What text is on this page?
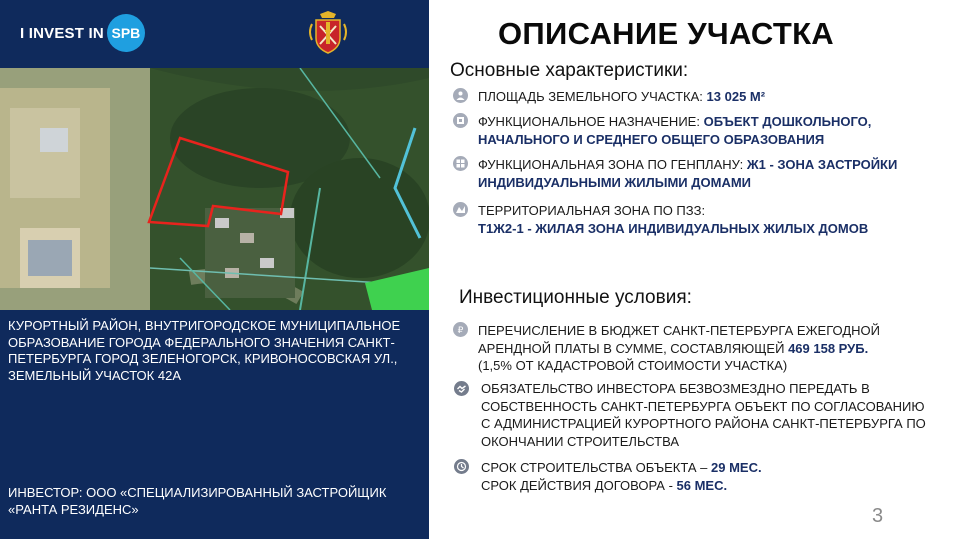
I INVEST IN SPB
КУРОРТНЫЙ РАЙОН, ВНУТРИГОРОДСКОЕ МУНИЦИПАЛЬНОЕ ОБРАЗОВАНИЕ ГОРОДА ФЕДЕРАЛЬНОГО ЗНАЧЕНИЯ САНКТ-ПЕТЕРБУРГА ГОРОД ЗЕЛЕНОГОРСК, КРИВОНОСОВСКАЯ УЛ., ЗЕМЕЛЬНЫЙ УЧАСТОК 42А
ИНВЕСТОР: ООО «СПЕЦИАЛИЗИРОВАННЫЙ ЗАСТРОЙЩИК «РАНТА РЕЗИДЕНС»
ОПИСАНИЕ УЧАСТКА
Основные характеристики:
ПЛОЩАДЬ ЗЕМЕЛЬНОГО УЧАСТКА: 13 025 М²
ФУНКЦИОНАЛЬНОЕ НАЗНАЧЕНИЕ: ОБЪЕКТ ДОШКОЛЬНОГО, НАЧАЛЬНОГО И СРЕДНЕГО ОБЩЕГО ОБРАЗОВАНИЯ
ФУНКЦИОНАЛЬНАЯ ЗОНА ПО ГЕНПЛАНУ: Ж1 - ЗОНА ЗАСТРОЙКИ ИНДИВИДУАЛЬНЫМИ ЖИЛЫМИ ДОМАМИ
ТЕРРИТОРИАЛЬНАЯ ЗОНА ПО ПЗЗ:
Т1Ж2-1 - ЖИЛАЯ ЗОНА ИНДИВИДУАЛЬНЫХ ЖИЛЫХ ДОМОВ
Инвестиционные условия:
₽ ПЕРЕЧИСЛЕНИЕ В БЮДЖЕТ САНКТ-ПЕТЕРБУРГА ЕЖЕГОДНОЙ АРЕНДНОЙ ПЛАТЫ В СУММЕ, СОСТАВЛЯЮЩЕЙ 469 158 РУБ.
(1,5% ОТ КАДАСТРОВОЙ СТОИМОСТИ УЧАСТКА)
ОБЯЗАТЕЛЬСТВО ИНВЕСТОРА БЕЗВОЗМЕЗДНО ПЕРЕДАТЬ В СОБСТВЕННОСТЬ САНКТ-ПЕТЕРБУРГА ОБЪЕКТ ПО СОГЛАСОВАНИЮ С АДМИНИСТРАЦИЕЙ КУРОРТНОГО РАЙОНА САНКТ-ПЕТЕРБУРГА ПО ОКОНЧАНИИ СТРОИТЕЛЬСТВА
СРОК СТРОИТЕЛЬСТВА ОБЪЕКТА – 29 МЕС.
СРОК ДЕЙСТВИЯ ДОГОВОРА - 56 МЕС.
3
